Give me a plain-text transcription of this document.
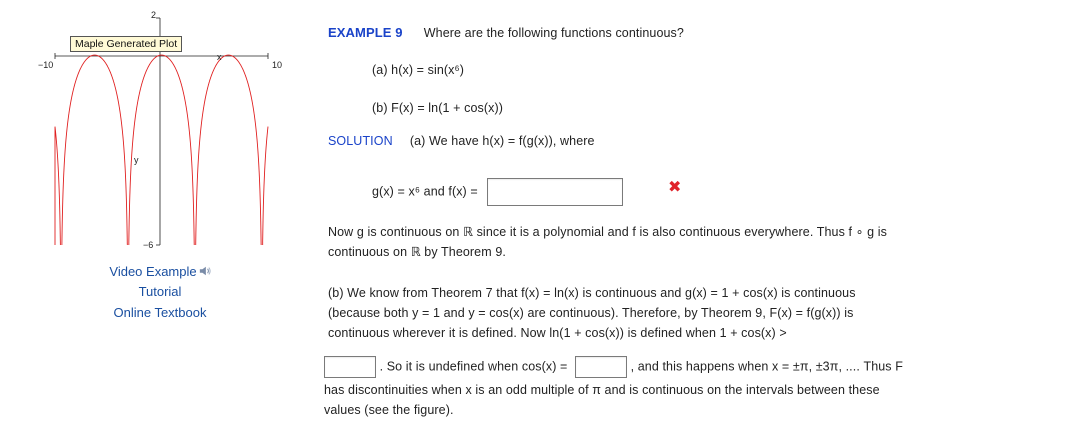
Maple Generated Plot
2
−10	10
−6
x
y
Video Example
Tutorial
Online Textbook
EXAMPLE 9 Where are the following functions continuous?
(a) h(x) = sin(x⁶)
(b) F(x) = ln(1 + cos(x))
SOLUTION (a) We have h(x) = f(g(x)), where
g(x) = x⁶ and f(x) =	✖
Now g is continuous on ℝ since it is a polynomial and f is also continuous everywhere. Thus f ∘ g is
continuous on ℝ by Theorem 9.
(b) We know from Theorem 7 that f(x) = ln(x) is continuous and g(x) = 1 + cos(x) is continuous
(because both y = 1 and y = cos(x) are continuous). Therefore, by Theorem 9, F(x) = f(g(x)) is
continuous wherever it is defined. Now ln(1 + cos(x)) is defined when 1 + cos(x) >
. So it is undefined when cos(x) =	, and this happens when x = ±π, ±3π, .... Thus F
has discontinuities when x is an odd multiple of π and is continuous on the intervals between these
values (see the figure).
